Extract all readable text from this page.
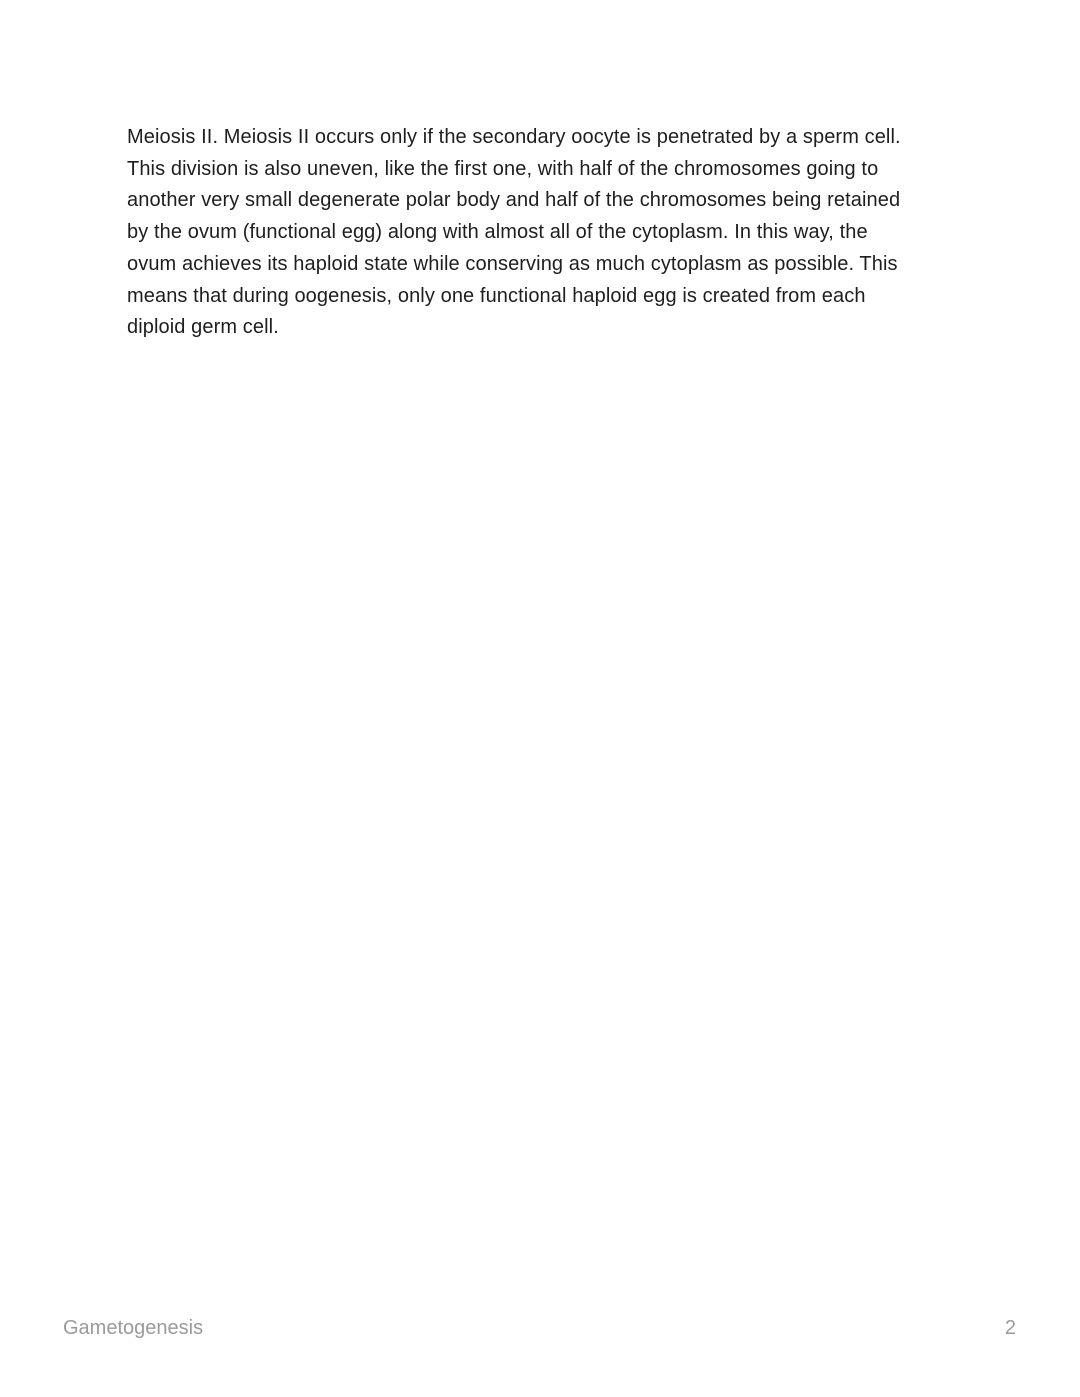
Meiosis II. Meiosis II occurs only if the secondary oocyte is penetrated by a sperm cell.
This division is also uneven, like the first one, with half of the chromosomes going to
another very small degenerate polar body and half of the chromosomes being retained
by the ovum (functional egg) along with almost all of the cytoplasm. In this way, the
ovum achieves its haploid state while conserving as much cytoplasm as possible. This
means that during oogenesis, only one functional haploid egg is created from each
diploid germ cell.
Gametogenesis	2
